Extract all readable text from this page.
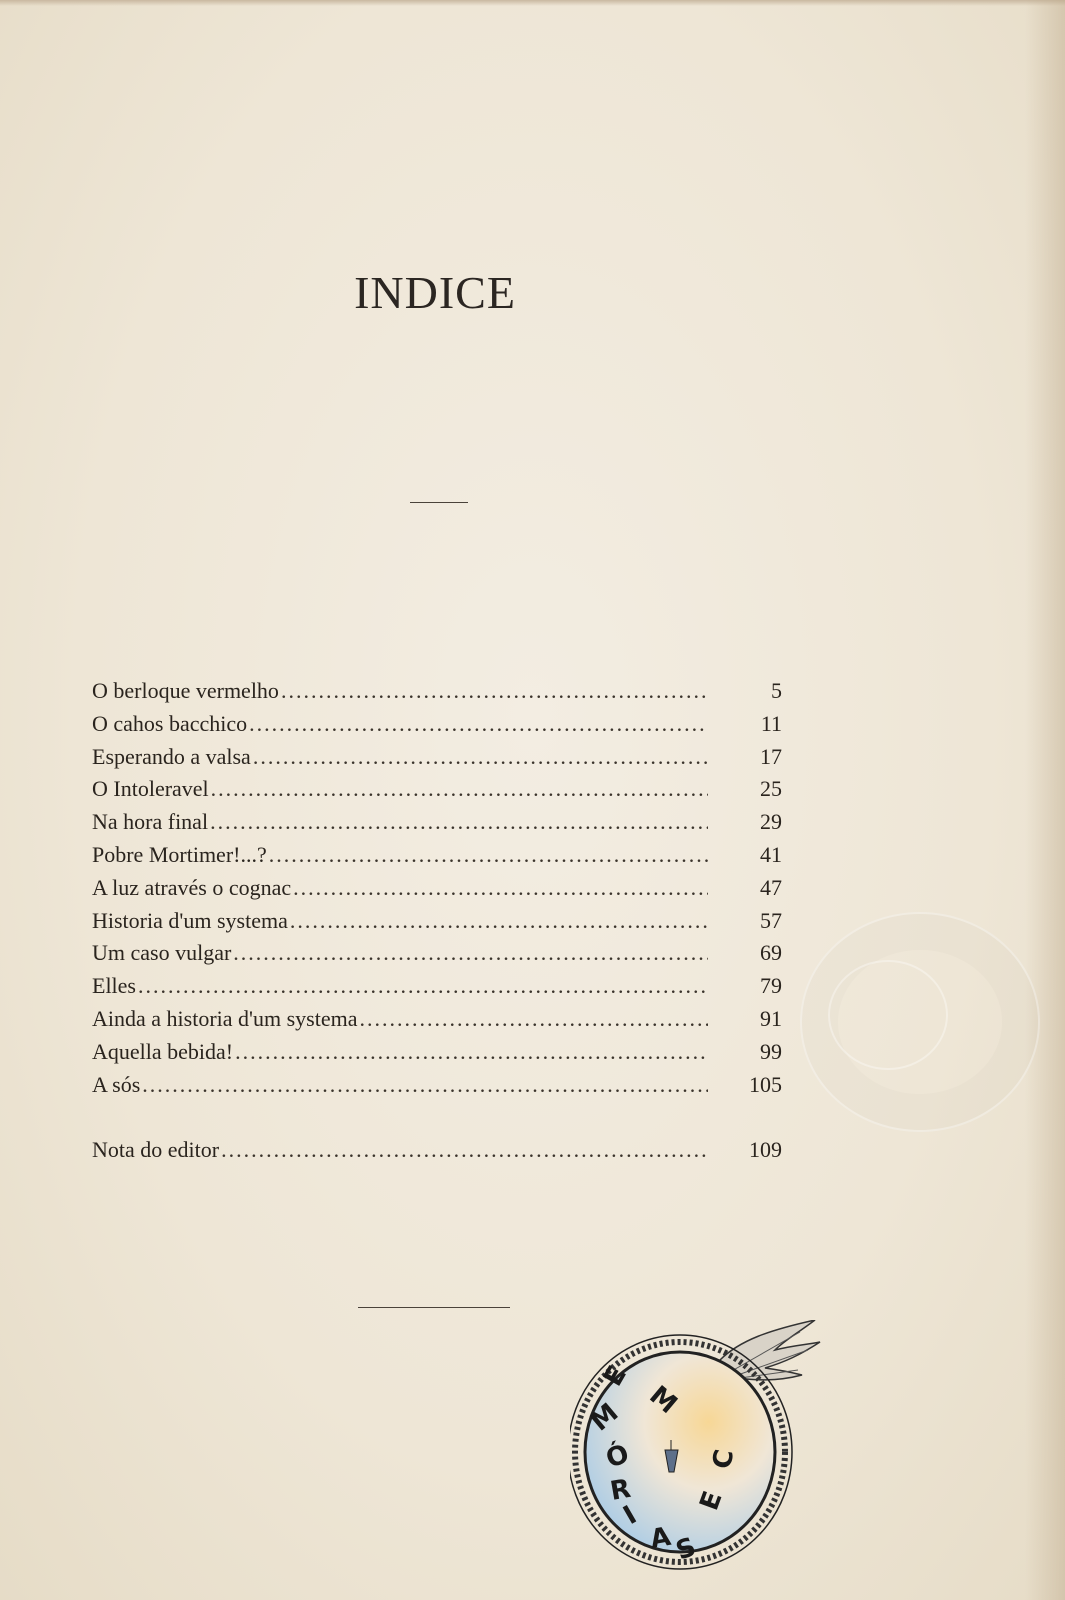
INDICE
O berloque vermelho .....	5
O cahos bacchico .....	11
Esperando a valsa .....	17
O Intoleravel .....	25
Na hora final .....	29
Pobre Mortimer!...? .....	41
A luz através o cognac .....	47
Historia d'um systema .....	57
Um caso vulgar .....	69
Elles .....	79
Ainda a historia d'um systema .....	91
Aquella bebida! .....	99
A sós .....	105
Nota do editor .....	109
M
E
M
Ó
R
I
A S
E
C
